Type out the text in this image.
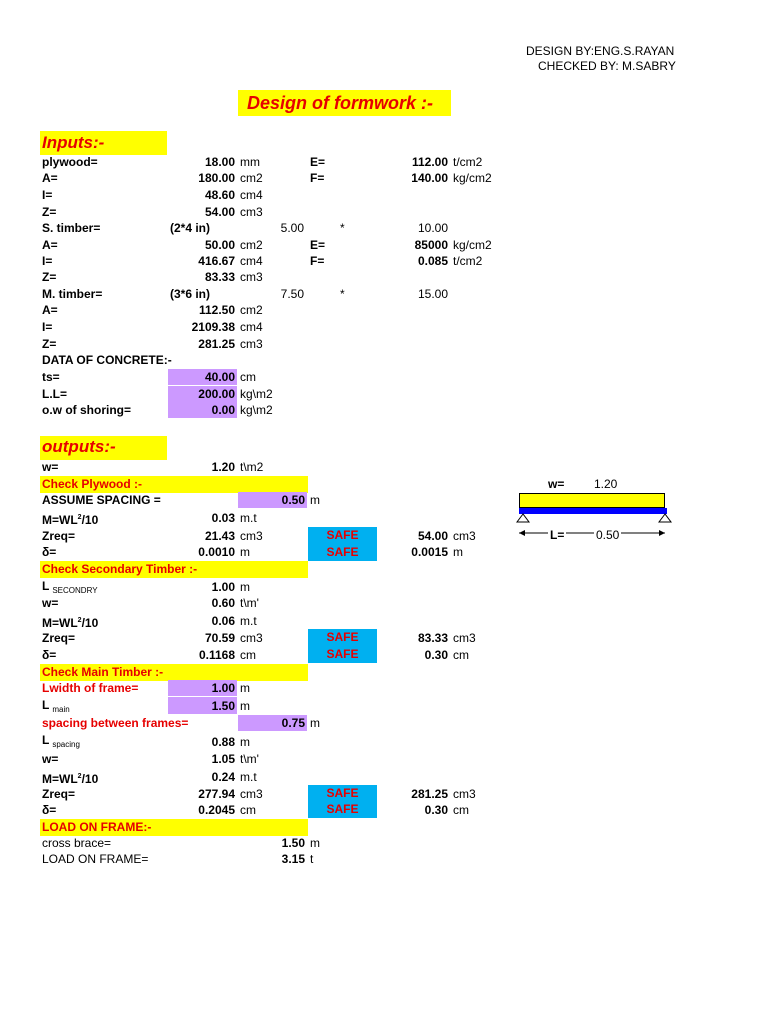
DESIGN BY:ENG.S.RAYAN
CHECKED BY: M.SABRY
Design of formwork :-
Inputs:-
plywood=	18.00 mm	E=	112.00 t/cm2
A=	180.00 cm2	F=	140.00 kg/cm2
I=	48.60 cm4
Z=	54.00 cm3
S. timber=	(2*4 in)	5.00	*	10.00
A=	50.00 cm2	E=	85000 kg/cm2
I=	416.67 cm4	F=	0.085 t/cm2
Z=	83.33 cm3
M. timber=	(3*6 in)	7.50	*	15.00
A=	112.50 cm2
I=	2109.38 cm4
Z=	281.25 cm3
DATA OF CONCRETE:-
ts=	40.00 cm
L.L=	200.00 kg\m2
o.w of shoring=	0.00 kg\m2
outputs:-
w=	1.20 t\m2
Check Plywood :-
ASSUME SPACING =	0.50 m
$M=WL^2/10$	0.03 m.t
Zreq=	21.43 cm3	SAFE	54.00 cm3
δ=	0.0010 m	SAFE	0.0015 m
Check Secondary Timber :-
L $_{SECONDRY}$	1.00 m
w=	0.60 t\m'
$M=WL^2/10$	0.06 m.t
Zreq=	70.59 cm3	SAFE	83.33 cm3
δ=	0.1168 cm	SAFE	0.30 cm
Check Main Timber :-
Lwidth of frame=	1.00 m
L $_{main}$	1.50 m
spacing between frames=	0.75 m
L $_{spacing}$	0.88 m
w=	1.05 t\m'
$M=WL^2/10$	0.24 m.t
Zreq=	277.94 cm3	SAFE	281.25 cm3
δ=	0.2045 cm	SAFE	0.30 cm
LOAD ON FRAME:-
cross brace=	1.50 m
LOAD ON FRAME=	3.15 t
w= 1.20
L=	0.50
